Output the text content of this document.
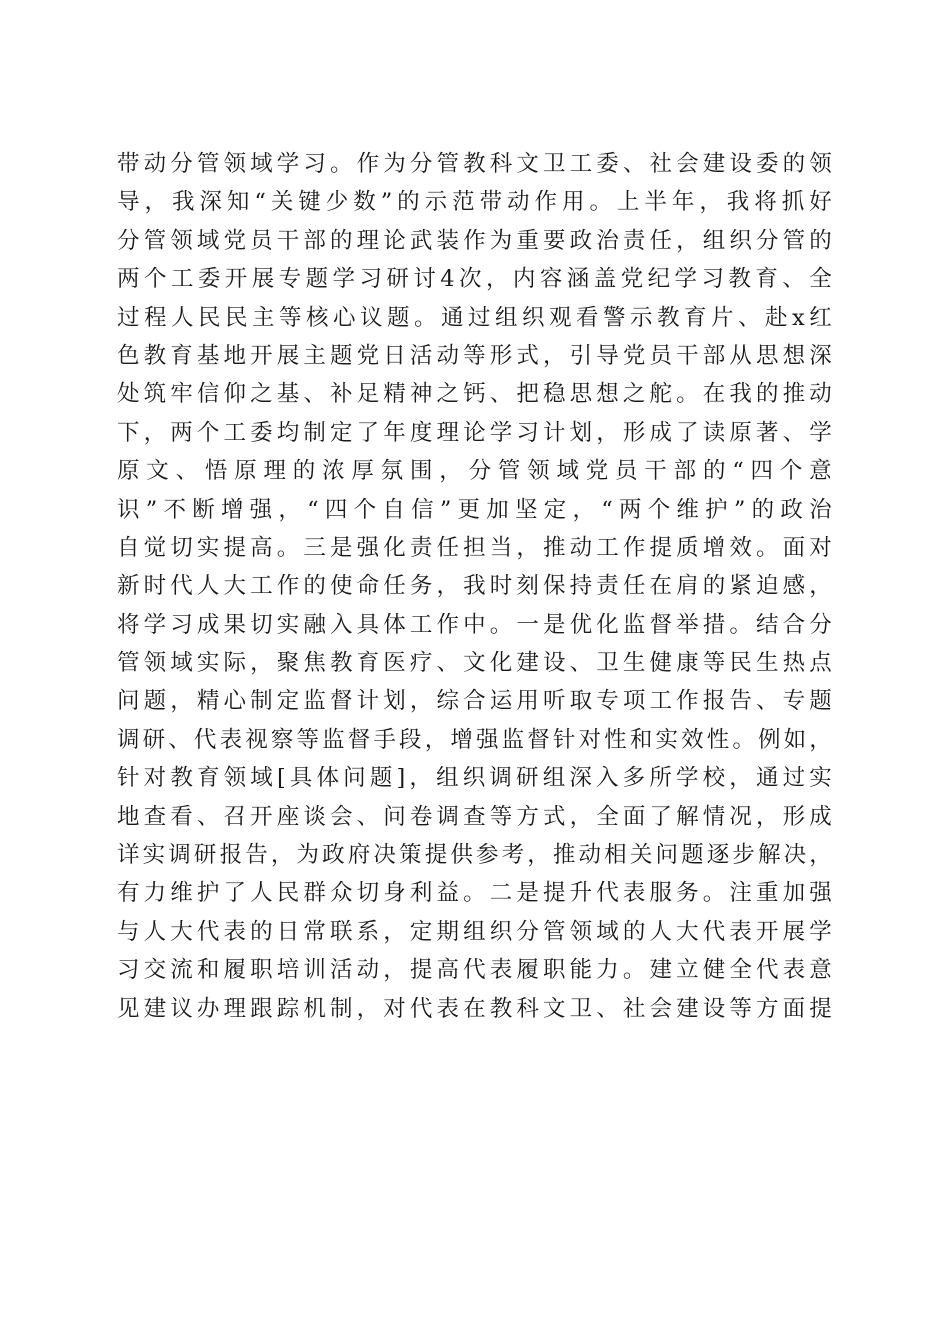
带 动 分 管 领 域 学 习 。 作 为 分 管 教 科 文 卫 工 委 、 社 会 建 设 委 的 领
导 ， 我 深 知 “ 关 键 少 数 ” 的 示 范 带 动 作 用 。 上 半 年 ， 我 将 抓 好
分 管 领 域 党 员 干 部 的 理 论 武 装 作 为 重 要 政 治 责 任 ， 组 织 分 管 的
两 个 工 委 开 展 专 题 学 习 研 讨 4 次 ， 内 容 涵 盖 党 纪 学 习 教 育 、 全
过 程 人 民 民 主 等 核 心 议 题 。 通 过 组 织 观 看 警 示 教 育 片 、 赴 x 红
色 教 育 基 地 开 展 主 题 党 日 活 动 等 形 式 ， 引 导 党 员 干 部 从 思 想 深
处 筑 牢 信 仰 之 基 、 补 足 精 神 之 钙 、 把 稳 思 想 之 舵 。 在 我 的 推 动
下 ， 两 个 工 委 均 制 定 了 年 度 理 论 学 习 计 划 ， 形 成 了 读 原 著 、 学
原 文 、 悟 原 理 的 浓 厚 氛 围 ， 分 管 领 域 党 员 干 部 的 “ 四 个 意
识 ” 不 断 增 强 ， “ 四 个 自 信 ” 更 加 坚 定 ， “ 两 个 维 护 ” 的 政 治
自 觉 切 实 提 高 。 三 是 强 化 责 任 担 当 ， 推 动 工 作 提 质 增 效 。 面 对
新 时 代 人 大 工 作 的 使 命 任 务 ， 我 时 刻 保 持 责 任 在 肩 的 紧 迫 感 ，
将 学 习 成 果 切 实 融 入 具 体 工 作 中 。 一 是 优 化 监 督 举 措 。 结 合 分
管 领 域 实 际 ， 聚 焦 教 育 医 疗 、 文 化 建 设 、 卫 生 健 康 等 民 生 热 点
问 题 ， 精 心 制 定 监 督 计 划 ， 综 合 运 用 听 取 专 项 工 作 报 告 、 专 题
调 研 、 代 表 视 察 等 监 督 手 段 ， 增 强 监 督 针 对 性 和 实 效 性 。 例 如 ，
针 对 教 育 领 域 [ 具 体 问 题 ] ， 组 织 调 研 组 深 入 多 所 学 校 ， 通 过 实
地 查 看 、 召 开 座 谈 会 、 问 卷 调 查 等 方 式 ， 全 面 了 解 情 况 ， 形 成
详 实 调 研 报 告 ， 为 政 府 决 策 提 供 参 考 ， 推 动 相 关 问 题 逐 步 解 决 ，
有 力 维 护 了 人 民 群 众 切 身 利 益 。 二 是 提 升 代 表 服 务 。 注 重 加 强
与 人 大 代 表 的 日 常 联 系 ， 定 期 组 织 分 管 领 域 的 人 大 代 表 开 展 学
习 交 流 和 履 职 培 训 活 动 ， 提 高 代 表 履 职 能 力 。 建 立 健 全 代 表 意
见 建 议 办 理 跟 踪 机 制 ， 对 代 表 在 教 科 文 卫 、 社 会 建 设 等 方 面 提
